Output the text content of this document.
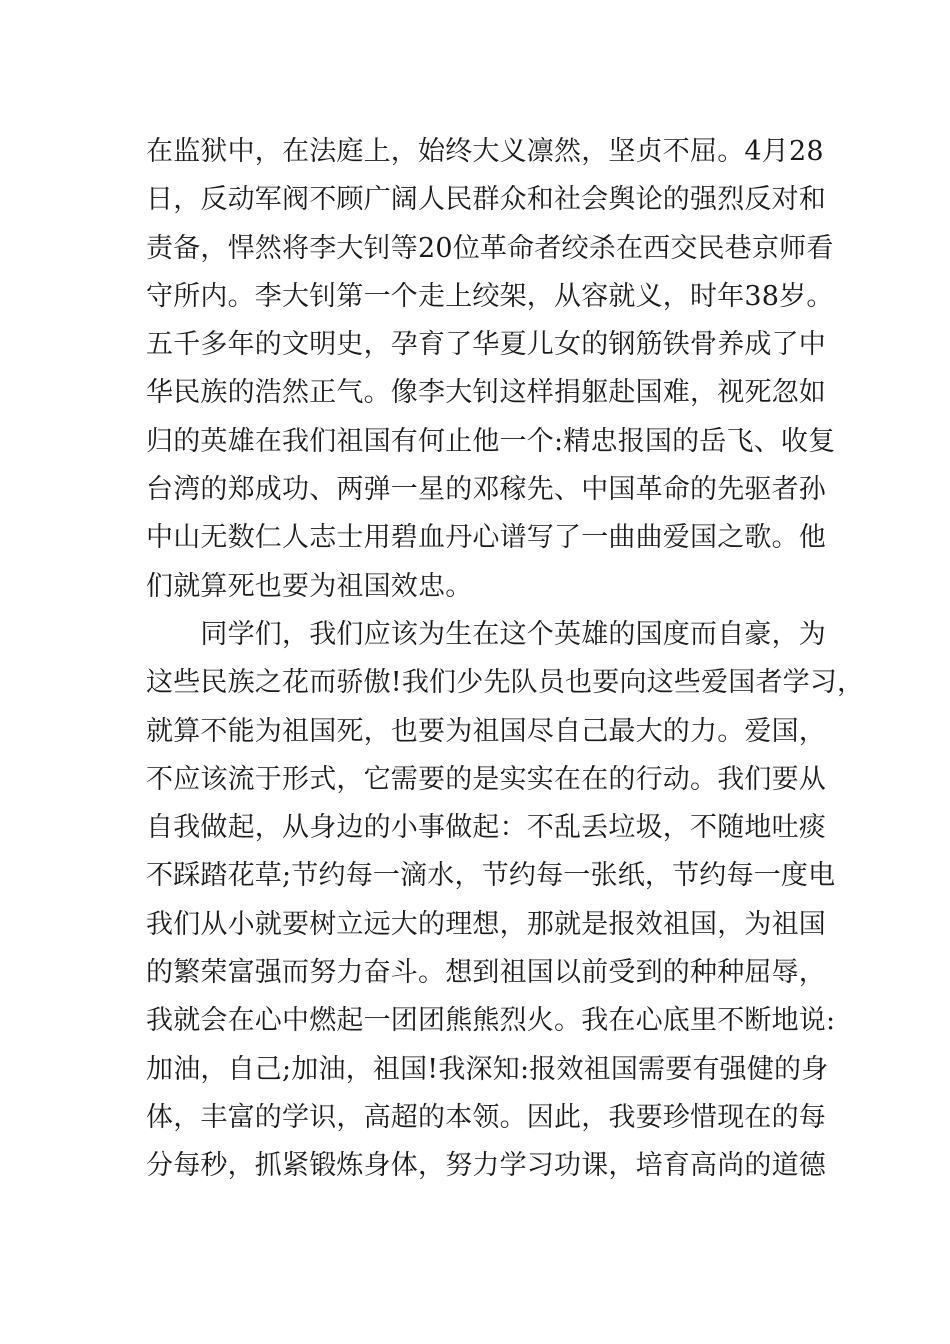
在监狱中，在法庭上，始终大义凛然，坚贞不屈。4月28
日，反动军阀不顾广阔人民群众和社会舆论的强烈反对和
责备，悍然将李大钊等20位革命者绞杀在西交民巷京师看
守所内。李大钊第一个走上绞架，从容就义，时年38岁。
五千多年的文明史，孕育了华夏儿女的钢筋铁骨养成了中
华民族的浩然正气。像李大钊这样捐躯赴国难，视死忽如
归的英雄在我们祖国有何止他一个:精忠报国的岳飞、收复
台湾的郑成功、两弹一星的邓稼先、中国革命的先驱者孙
中山无数仁人志士用碧血丹心谱写了一曲曲爱国之歌。他
们就算死也要为祖国效忠。
　　同学们，我们应该为生在这个英雄的国度而自豪，为
这些民族之花而骄傲!我们少先队员也要向这些爱国者学习，
就算不能为祖国死，也要为祖国尽自己最大的力。爱国，
不应该流于形式，它需要的是实实在在的行动。我们要从
自我做起，从身边的小事做起：不乱丢垃圾，不随地吐痰
不踩踏花草;节约每一滴水，节约每一张纸，节约每一度电
我们从小就要树立远大的理想，那就是报效祖国，为祖国
的繁荣富强而努力奋斗。想到祖国以前受到的种种屈辱，
我就会在心中燃起一团团熊熊烈火。我在心底里不断地说:
加油，自己;加油，祖国!我深知:报效祖国需要有强健的身
体，丰富的学识，高超的本领。因此，我要珍惜现在的每
分每秒，抓紧锻炼身体，努力学习功课，培育高尚的道德
